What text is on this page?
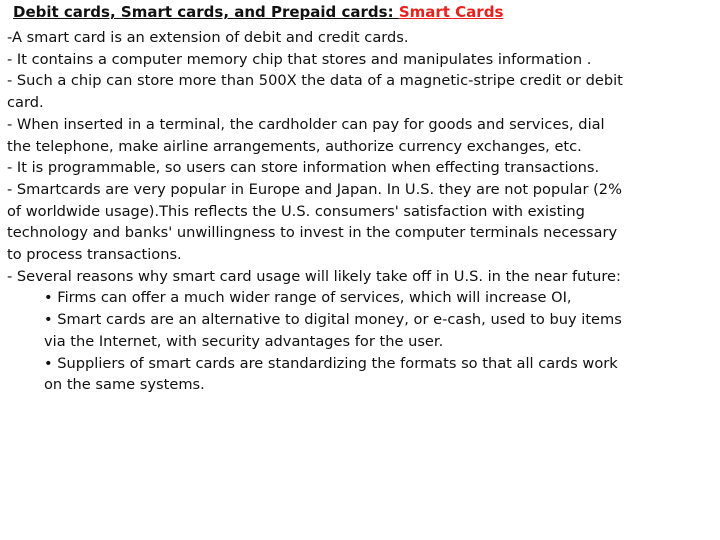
Debit cards, Smart cards, and Prepaid cards: Smart Cards
-A smart card is an extension of debit and credit cards.
- It contains a computer memory chip that stores and manipulates information .
- Such a chip can store more than 500X the data of a magnetic-stripe credit or debit
card.
- When inserted in a terminal, the cardholder can pay for goods and services, dial
the telephone, make airline arrangements, authorize currency exchanges, etc.
- It is programmable, so users can store information when effecting transactions.
- Smartcards are very popular in Europe and Japan. In U.S. they are not popular (2%
of worldwide usage).This reflects the U.S. consumers' satisfaction with existing
technology and banks' unwillingness to invest in the computer terminals necessary
to process transactions.
- Several reasons why smart card usage will likely take off in U.S. in the near future:
• Firms can offer a much wider range of services, which will increase OI,
• Smart cards are an alternative to digital money, or e-cash, used to buy items
via the Internet, with security advantages for the user.
• Suppliers of smart cards are standardizing the formats so that all cards work
on the same systems.
